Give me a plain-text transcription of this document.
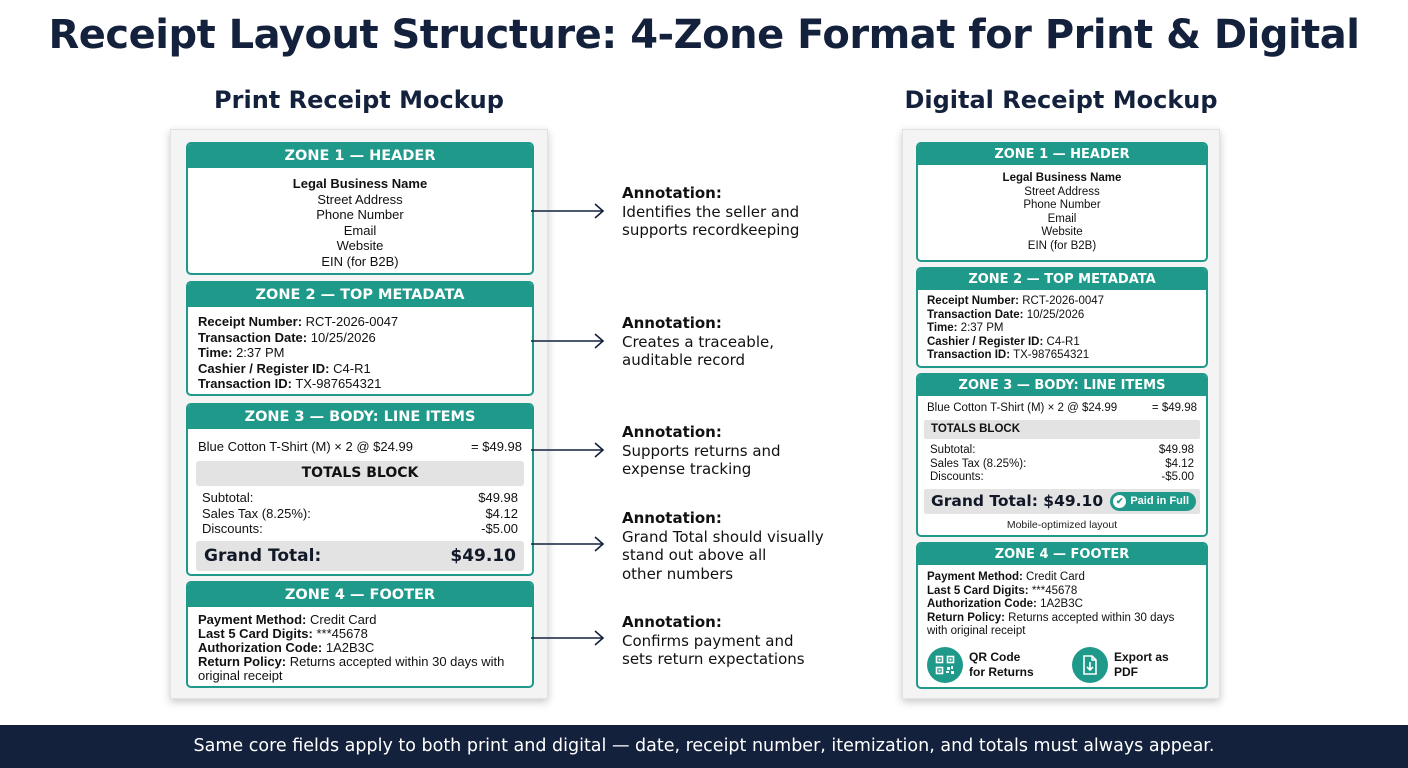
Receipt Layout Structure: 4-Zone Format for Print & Digital
Print Receipt Mockup	Digital Receipt Mockup
ZONE 1 — HEADER
Legal Business Name
Street Address
Phone Number
Email
Website
EIN (for B2B)
ZONE 2 — TOP METADATA
Receipt Number: RCT-2026-0047
Transaction Date: 10/25/2026
Time: 2:37 PM
Cashier / Register ID: C4-R1
Transaction ID: TX-987654321
ZONE 3 — BODY: LINE ITEMS
Blue Cotton T-Shirt (M) × 2 @ $24.99	= $49.98
TOTALS BLOCK
Subtotal:	$49.98
Sales Tax (8.25%):	$4.12
Discounts:	-$5.00
Grand Total:	$49.10
ZONE 4 — FOOTER
Payment Method: Credit Card
Last 5 Card Digits: ***45678
Authorization Code: 1A2B3C
Return Policy: Returns accepted within 30 days with original receipt
Annotation:
Identifies the seller and
supports recordkeeping
Annotation:
Creates a traceable,
auditable record
Annotation:
Supports returns and
expense tracking
Annotation:
Grand Total should visually
stand out above all
other numbers
Annotation:
Confirms payment and
sets return expectations
ZONE 1 — HEADER
Legal Business Name
Street Address
Phone Number
Email
Website
EIN (for B2B)
ZONE 2 — TOP METADATA
Receipt Number: RCT-2026-0047
Transaction Date: 10/25/2026
Time: 2:37 PM
Cashier / Register ID: C4-R1
Transaction ID: TX-987654321
ZONE 3 — BODY: LINE ITEMS
Blue Cotton T-Shirt (M) × 2 @ $24.99	= $49.98
TOTALS BLOCK
Subtotal:	$49.98
Sales Tax (8.25%):	$4.12
Discounts:	-$5.00
Grand Total: $49.10	✔ Paid in Full
Mobile-optimized layout
ZONE 4 — FOOTER
Payment Method: Credit Card
Last 5 Card Digits: ***45678
Authorization Code: 1A2B3C
Return Policy: Returns accepted within 30 days with original receipt
QR Code
for Returns
Export as
PDF
Same core fields apply to both print and digital — date, receipt number, itemization, and totals must always appear.
